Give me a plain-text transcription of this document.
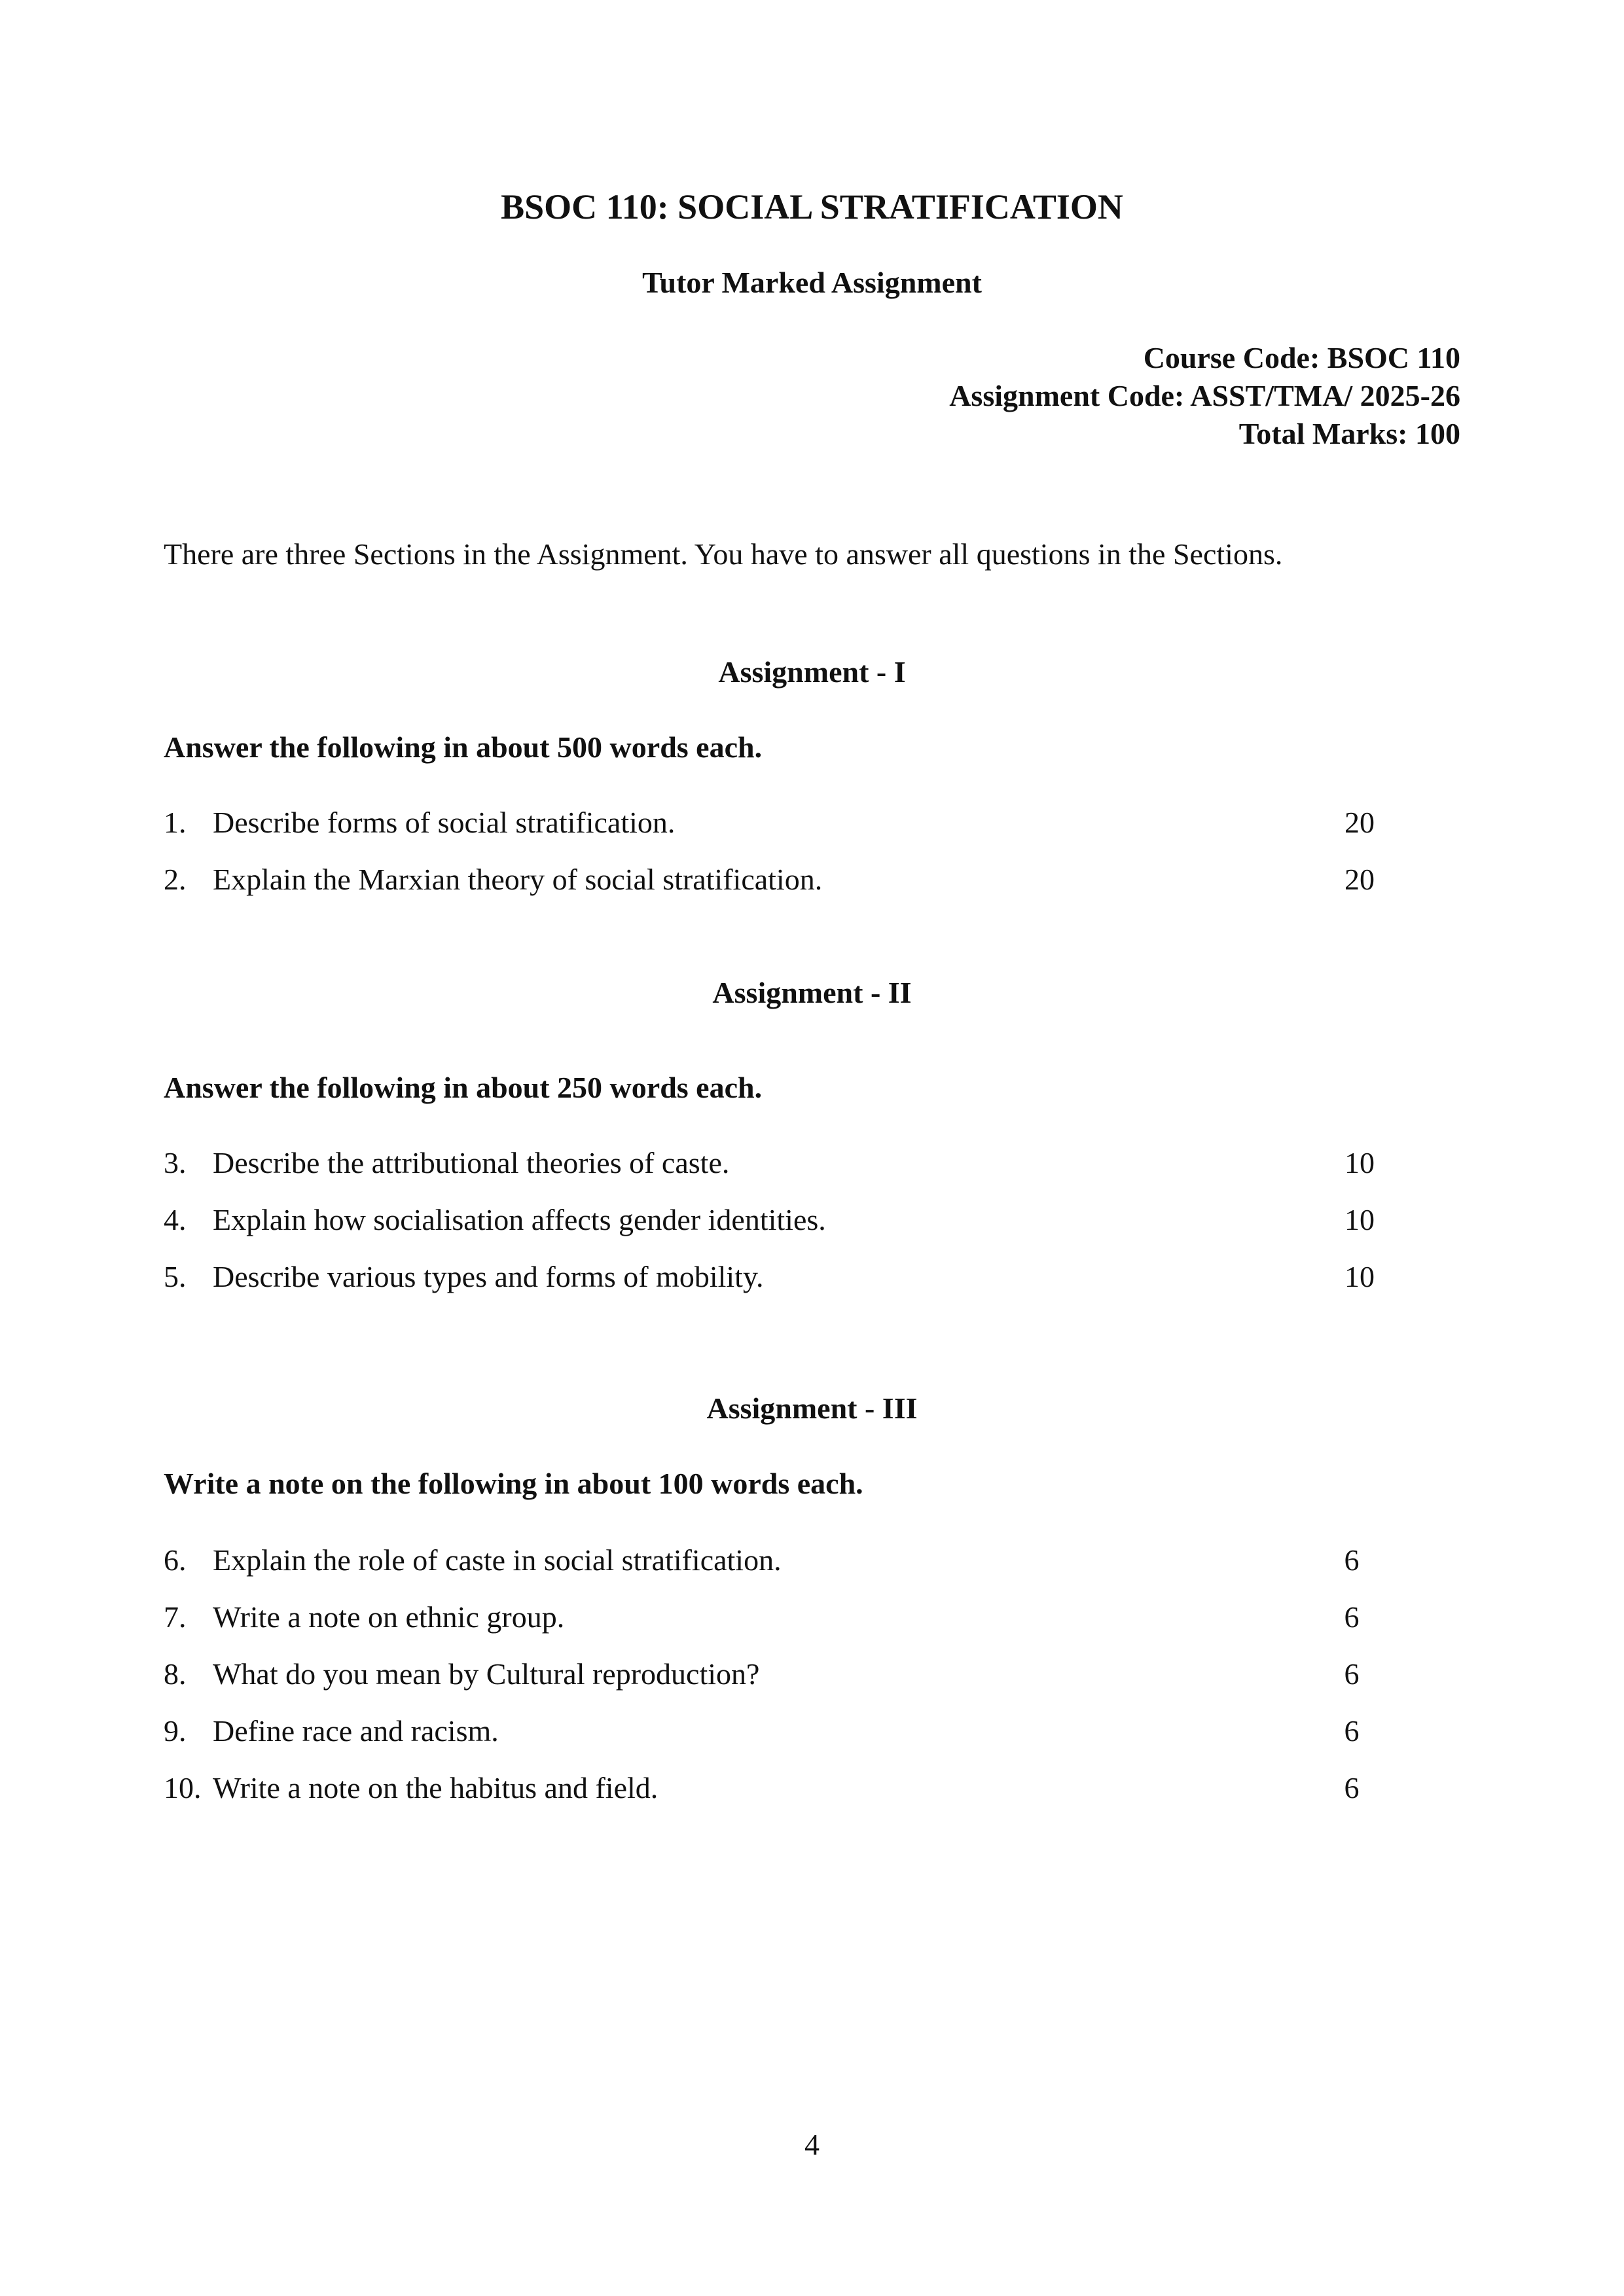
BSOC 110: SOCIAL STRATIFICATION
Tutor Marked Assignment
Course Code: BSOC 110
Assignment Code: ASST/TMA/ 2025-26
Total Marks: 100
There are three Sections in the Assignment. You have to answer all questions in the Sections.
Assignment - I
Answer the following in about 500 words each.
1. Describe forms of social stratification.	20
2. Explain the Marxian theory of social stratification.	20
Assignment - II
Answer the following in about 250 words each.
3. Describe the attributional theories of caste.	10
4. Explain how socialisation affects gender identities.	10
5. Describe various types and forms of mobility.	10
Assignment - III
Write a note on the following in about 100 words each.
6. Explain the role of caste in social stratification.	6
7. Write a note on ethnic group.	6
8. What do you mean by Cultural reproduction?	6
9. Define race and racism.	6
10. Write a note on the habitus and field.	6
4
